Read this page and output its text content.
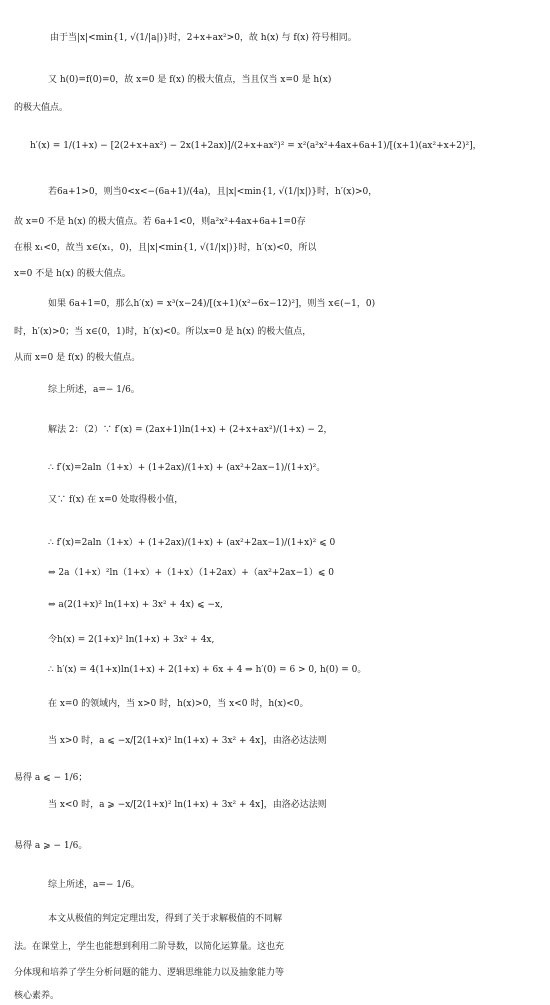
由于当|x|<min{1, √(1/|a|)}时，2+x+ax²>0，故 h(x) 与 f(x) 符号相同。
又 h(0)=f(0)=0，故 x=0 是 f(x) 的极大值点，当且仅当 x=0 是 h(x)
的极大值点。
h′(x) = 1/(1+x) − [2(2+x+ax²) − 2x(1+2ax)]/(2+x+ax²)² = x²(a²x²+4ax+6a+1)/[(x+1)(ax²+x+2)²]，
若6a+1>0，则当0<x<−(6a+1)/(4a)，且|x|<min{1, √(1/|x|)}时，h′(x)>0，
故 x=0 不是 h(x) 的极大值点。若 6a+1<0，则a²x²+4ax+6a+1=0存
在根 x₁<0，故当 x∈(x₁，0)，且|x|<min{1, √(1/|x|)}时，h′(x)<0，所以
x=0 不是 h(x) 的极大值点。
如果 6a+1=0，那么h′(x) = x³(x−24)/[(x+1)(x²−6x−12)²]，则当 x∈(−1，0)
时，h′(x)>0；当 x∈(0，1)时，h′(x)<0。所以x=0 是 h(x) 的极大值点，
从而 x=0 是 f(x) 的极大值点。
综上所述，a=− 1/6。
解法 2：（2）∵ f′(x) = (2ax+1)ln(1+x) + (2+x+ax²)/(1+x) − 2，
∴ f′(x)=2aln（1+x）+ (1+2ax)/(1+x) + (ax²+2ax−1)/(1+x)²。
又∵ f(x) 在 x=0 处取得极小值，
∴ f′(x)=2aln（1+x）+ (1+2ax)/(1+x) + (ax²+2ax−1)/(1+x)² ⩽ 0
⇔ 2a（1+x）²ln（1+x）+（1+x）（1+2ax）+（ax²+2ax−1）⩽ 0
⇔ a(2(1+x)² ln(1+x) + 3x² + 4x) ⩽ −x,
令h(x) = 2(1+x)² ln(1+x) + 3x² + 4x,
∴ h′(x) = 4(1+x)ln(1+x) + 2(1+x) + 6x + 4 ⇒ h′(0) = 6 > 0, h(0) = 0。
在 x=0 的领域内，当 x>0 时，h(x)>0，当 x<0 时，h(x)<0。
当 x>0 时，a ⩽ −x/[2(1+x)² ln(1+x) + 3x² + 4x]，由洛必达法则
易得 a ⩽ − 1/6；
当 x<0 时，a ⩾ −x/[2(1+x)² ln(1+x) + 3x² + 4x]，由洛必达法则
易得 a ⩾ − 1/6。
综上所述，a=− 1/6。
本文从极值的判定定理出发，得到了关于求解极值的不同解
法。在课堂上，学生也能想到利用二阶导数，以简化运算量。这也充
分体现和培养了学生分析问题的能力、逻辑思维能力以及抽象能力等
核心素养。
